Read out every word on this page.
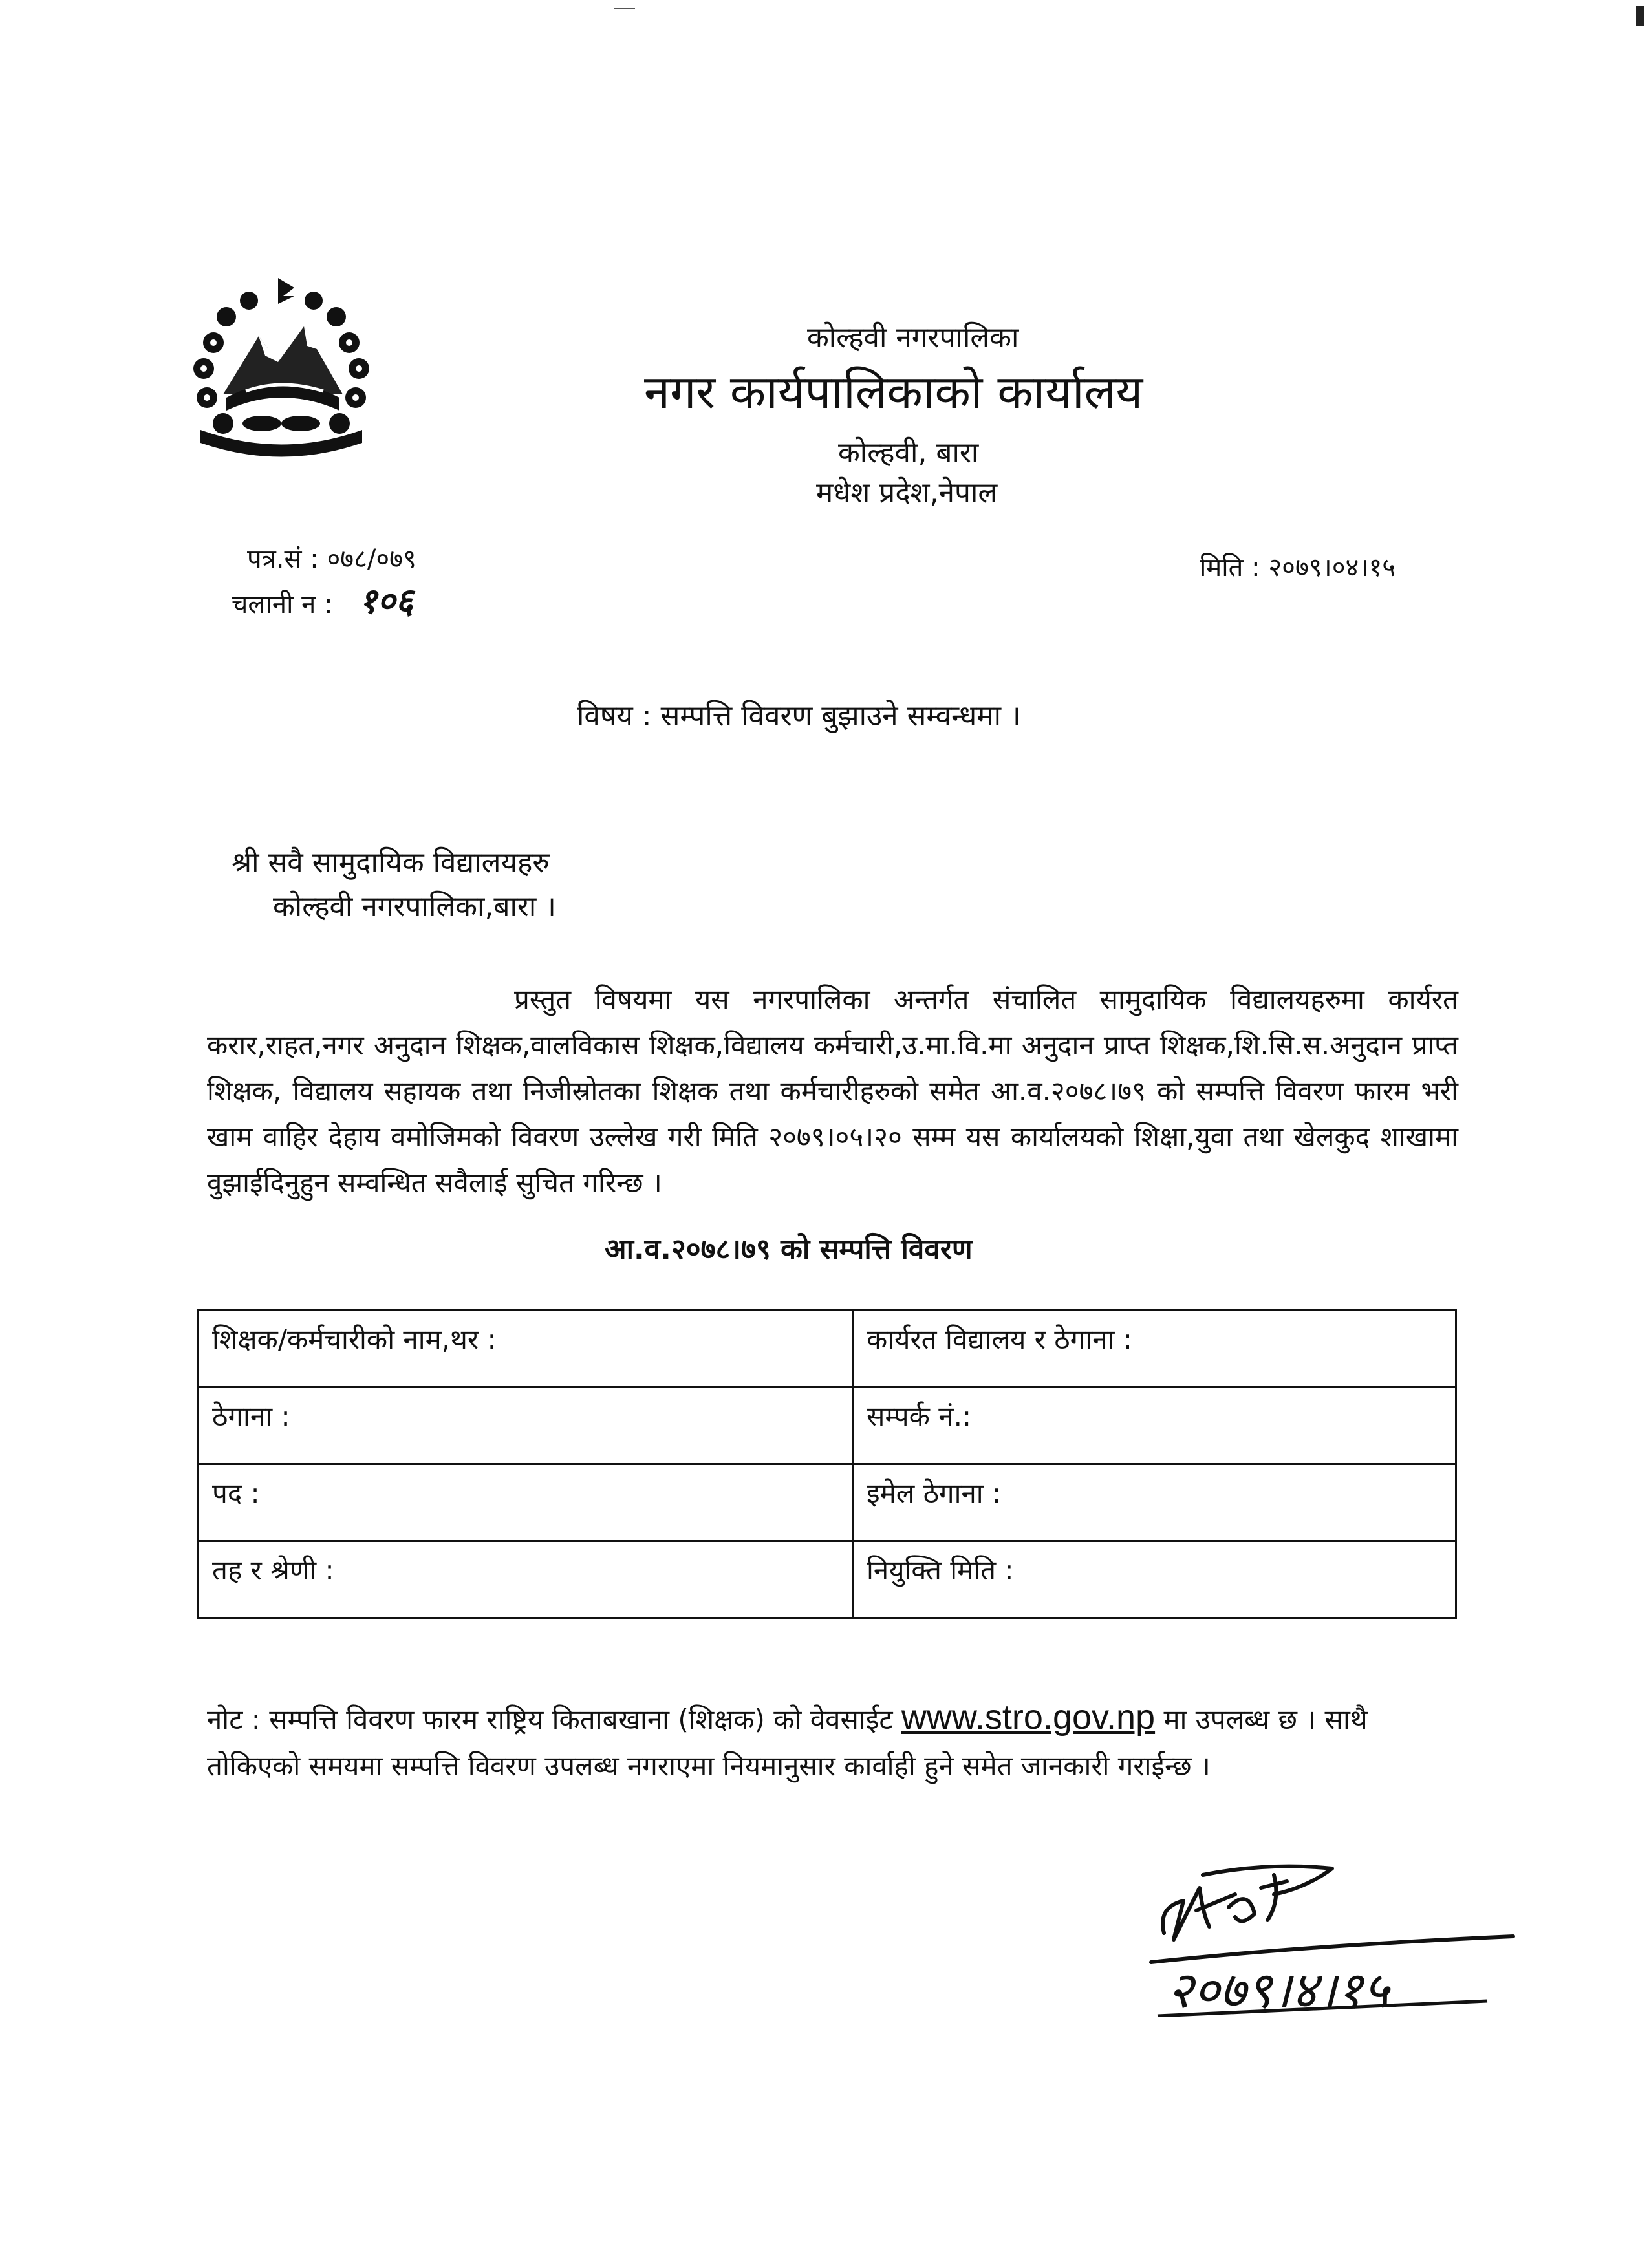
कोल्हवी नगरपालिका
नगर कार्यपालिकाको कार्यालय
कोल्हवी, बारा
मधेश प्रदेश,नेपाल
पत्र.सं : ०७८/०७९
चलानी न : १०६
मिति : २०७९।०४।१५
विषय : सम्पत्ति विवरण बुझाउने सम्वन्धमा ।
श्री सवै सामुदायिक विद्यालयहरु
कोल्हवी नगरपालिका,बारा ।
प्रस्तुत विषयमा यस नगरपालिका अन्तर्गत संचालित सामुदायिक विद्यालयहरुमा कार्यरत करार,राहत,नगर अनुदान शिक्षक,वालविकास शिक्षक,विद्यालय कर्मचारी,उ.मा.वि.मा अनुदान प्राप्त शिक्षक,शि.सि.स.अनुदान प्राप्त शिक्षक, विद्यालय सहायक तथा निजीस्रोतका शिक्षक तथा कर्मचारीहरुको समेत आ.व.२०७८।७९ को सम्पत्ति विवरण फारम भरी खाम वाहिर देहाय वमोजिमको विवरण उल्लेख गरी मिति २०७९।०५।२० सम्म यस कार्यालयको शिक्षा,युवा तथा खेलकुद शाखामा वुझाईदिनुहुन सम्वन्धित सवैलाई सुचित गरिन्छ ।
आ.व.२०७८।७९ को सम्पत्ति विवरण
शिक्षक/कर्मचारीको नाम,थर :	कार्यरत विद्यालय र ठेगाना :
ठेगाना :	सम्पर्क नं.:
पद :	इमेल ठेगाना :
तह र श्रेणी :	नियुक्ति मिति :
नोट : सम्पत्ति विवरण फारम राष्ट्रिय किताबखाना (शिक्षक) को वेवसाईट www.stro.gov.np मा उपलब्ध छ । साथै तोकिएको समयमा सम्पत्ति विवरण उपलब्ध नगराएमा नियमानुसार कार्वाही हुने समेत जानकारी गराईन्छ ।
२०७९।४।१५
